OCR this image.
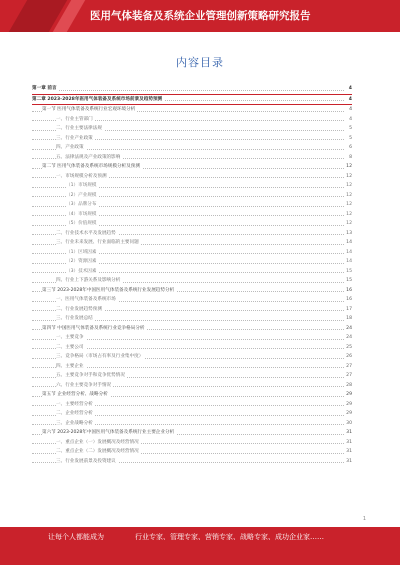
医用气体装备及系统企业管理创新策略研究报告
内容目录
第一章 前言	4
第二章 2023-2028年医用气体装备及系统市场前景及趋势预测	4
第一节 医用气体装备及系统行业宏观环境分析	4
一、行业主管部门	4
二、行业主要法律法规	5
三、行业产业政策	5
四、产业政策	6
五、法律法规及产业政策的影响	8
第二节 医用气体装备及系统市场规模分析及预测	12
一、市场规模分析及预测	12
（1）市场规模	12
（2）产业规模	12
（3）品牌分布	12
（4）市场规模	12
（5）价值规模	12
二、行业技术水平及发展趋势	13
三、行业未来发展、行业面临的主要问题	14
（1）区域因素	14
（2）资源因素	14
（3）技术因素	15
四、行业上下游关系及影响分析	15
第三节 2023-2028年中国医用气体装备及系统行业发展趋势分析	16
一、医用气体装备及系统市场	16
二、行业发展趋势预测	17
三、行业发展总结	18
第四节 中国医用气体装备及系统行业竞争格局分析	24
一、主要竞争	24
二、主要公司	25
三、竞争格局（市场占有率及行业集中度）	26
四、主要企业	27
五、主要竞争对手和竞争优势情况	27
六、行业主要竞争对手情况	28
第五节 企业经营分析、战略分析	29
一、主要经营分析	29
二、企业经营分析	29
三、企业战略分析	30
第六节 2023-2028年中国医用气体装备及系统行业主要企业分析	31
一、重点企业（一）发展概况及经营情况	31
二、重点企业（二）发展概况及经营情况	31
三、行业发展前景及投资建议	31
1
让每个人都能成为	行业专家、管理专家、营销专家、战略专家、成功企业家……
